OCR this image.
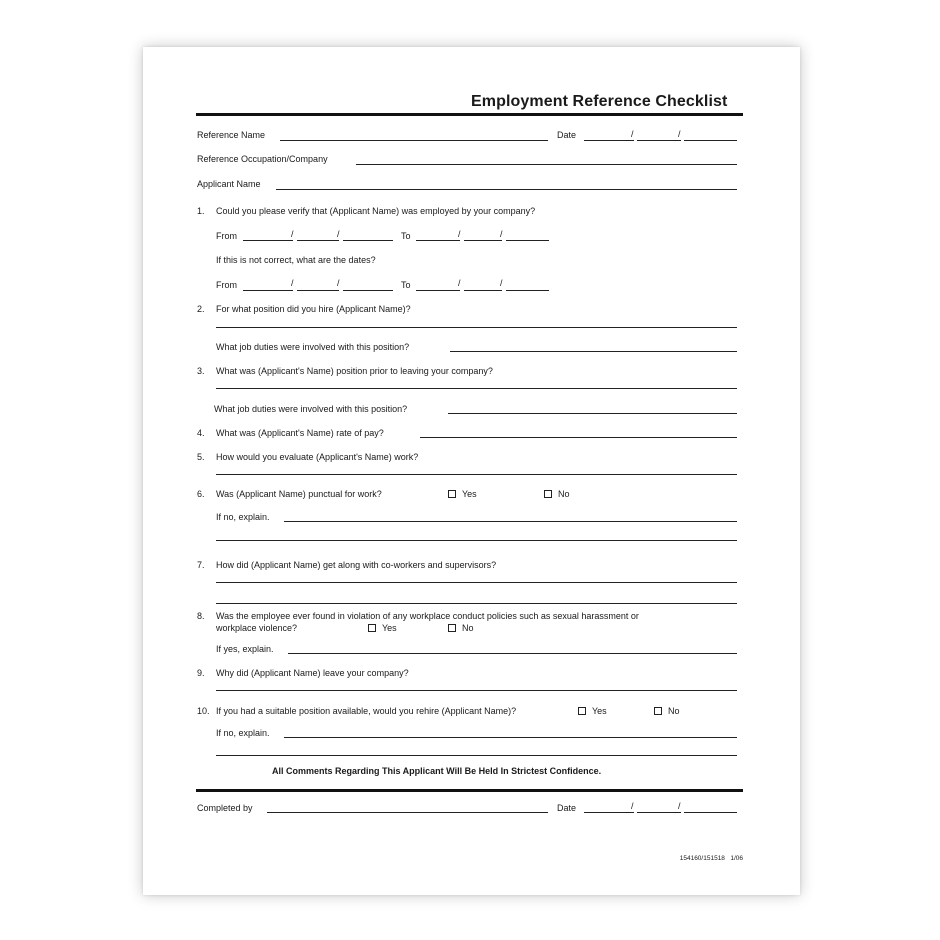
Employment Reference Checklist
Reference Name	Date	/	/
Reference Occupation/Company
Applicant Name
1. Could you please verify that (Applicant Name) was employed by your company?
From	/	/	To	/	/
If this is not correct, what are the dates?
From	/	/	To	/	/
2. For what position did you hire (Applicant Name)?
What job duties were involved with this position?
3. What was (Applicant's Name) position prior to leaving your company?
What job duties were involved with this position?
4. What was (Applicant's Name) rate of pay?
5. How would you evaluate (Applicant's Name) work?
6. Was (Applicant Name) punctual for work?	Yes	No
If no, explain.
7. How did (Applicant Name) get along with co-workers and supervisors?
8. Was the employee ever found in violation of any workplace conduct policies such as sexual harassment or
workplace violence?	Yes	No
If yes, explain.
9. Why did (Applicant Name) leave your company?
10. If you had a suitable position available, would you rehire (Applicant Name)?	Yes	No
If no, explain.
All Comments Regarding This Applicant Will Be Held In Strictest Confidence.
Completed by	Date	/	/
154160/151518   1/06
